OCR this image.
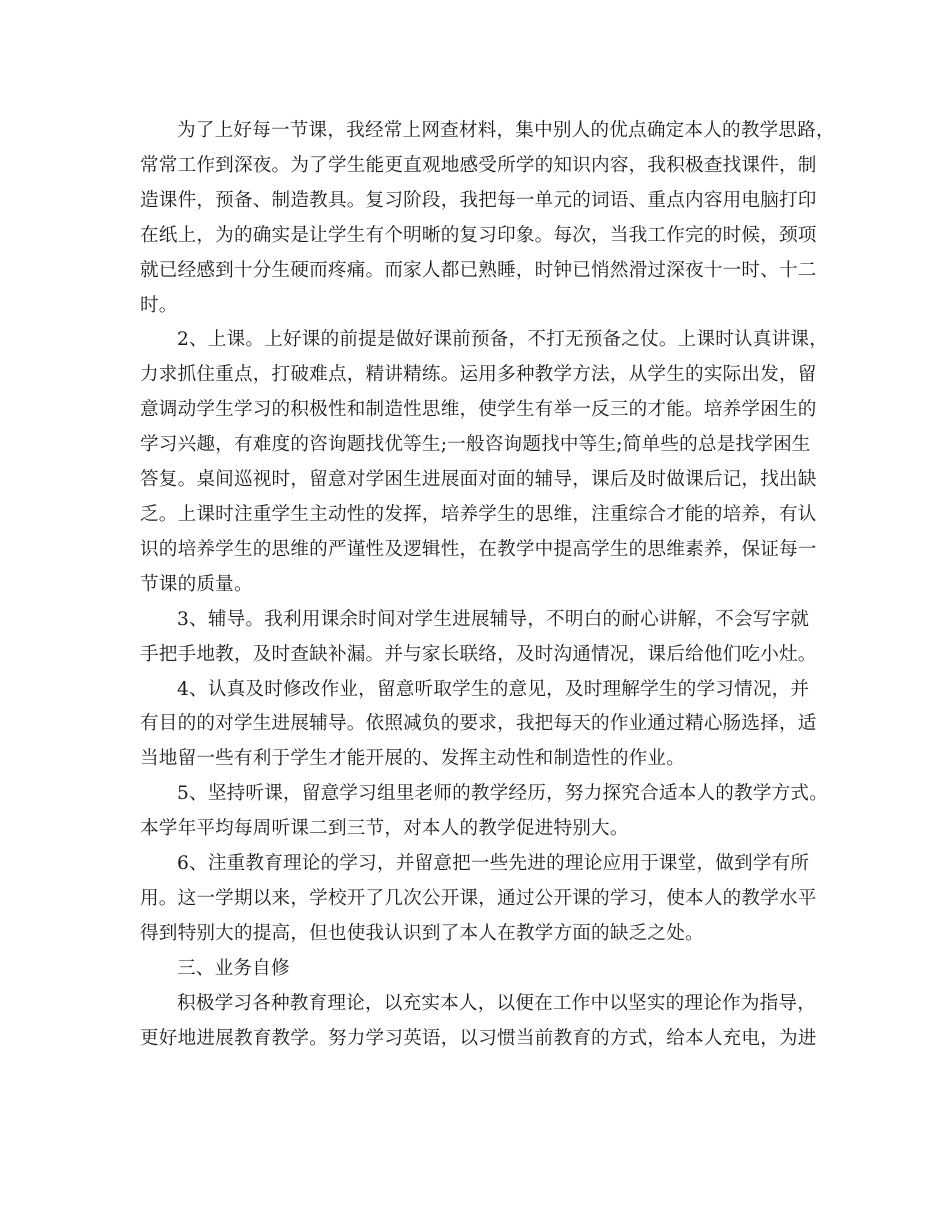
为了上好每一节课，我经常上网查材料，集中别人的优点确定本人的教学思路，
常常工作到深夜。为了学生能更直观地感受所学的知识内容，我积极查找课件，制
造课件，预备、制造教具。复习阶段，我把每一单元的词语、重点内容用电脑打印
在纸上，为的确实是让学生有个明晰的复习印象。每次，当我工作完的时候，颈项
就已经感到十分生硬而疼痛。而家人都已熟睡，时钟已悄然滑过深夜十一时、十二
时。
2、上课。上好课的前提是做好课前预备，不打无预备之仗。上课时认真讲课，
力求抓住重点，打破难点，精讲精练。运用多种教学方法，从学生的实际出发，留
意调动学生学习的积极性和制造性思维，使学生有举一反三的才能。培养学困生的
学习兴趣，有难度的咨询题找优等生;一般咨询题找中等生;简单些的总是找学困生
答复。桌间巡视时，留意对学困生进展面对面的辅导，课后及时做课后记，找出缺
乏。上课时注重学生主动性的发挥，培养学生的思维，注重综合才能的培养，有认
识的培养学生的思维的严谨性及逻辑性，在教学中提高学生的思维素养，保证每一
节课的质量。
3、辅导。我利用课余时间对学生进展辅导，不明白的耐心讲解，不会写字就
手把手地教，及时查缺补漏。并与家长联络，及时沟通情况，课后给他们吃小灶。
4、认真及时修改作业，留意听取学生的意见，及时理解学生的学习情况，并
有目的的对学生进展辅导。依照减负的要求，我把每天的作业通过精心肠选择，适
当地留一些有利于学生才能开展的、发挥主动性和制造性的作业。
5、坚持听课，留意学习组里老师的教学经历，努力探究合适本人的教学方式。
本学年平均每周听课二到三节，对本人的教学促进特别大。
6、注重教育理论的学习，并留意把一些先进的理论应用于课堂，做到学有所
用。这一学期以来，学校开了几次公开课，通过公开课的学习，使本人的教学水平
得到特别大的提高，但也使我认识到了本人在教学方面的缺乏之处。
三、业务自修
积极学习各种教育理论，以充实本人，以便在工作中以坚实的理论作为指导，
更好地进展教育教学。努力学习英语，以习惯当前教育的方式，给本人充电，为进
